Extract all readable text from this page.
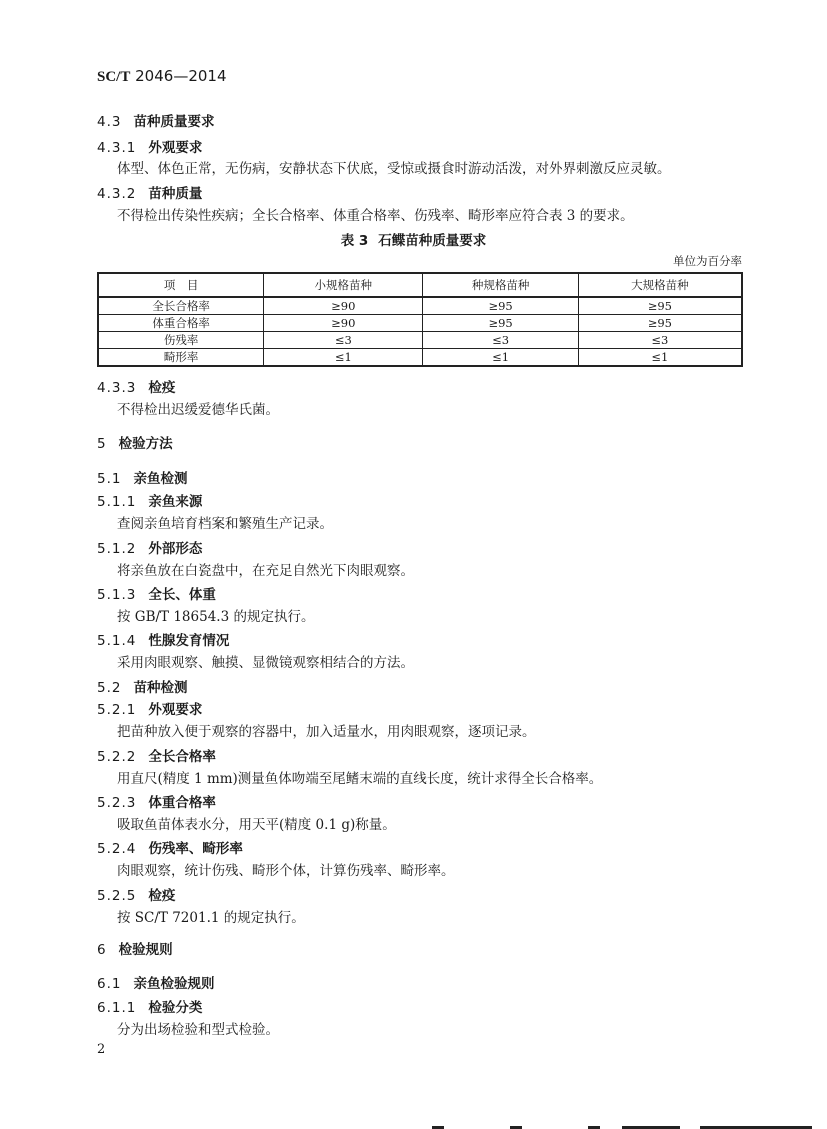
SC/T 2046—2014
4.3 苗种质量要求
4.3.1 外观要求
体型、体色正常，无伤病，安静状态下伏底，受惊或摄食时游动活泼，对外界刺激反应灵敏。
4.3.2 苗种质量
不得检出传染性疾病；全长合格率、体重合格率、伤残率、畸形率应符合表 3 的要求。
表 3 石鲽苗种质量要求
单位为百分率
项　目	小规格苗种	种规格苗种	大规格苗种
全长合格率	≥90	≥95	≥95
体重合格率	≥90	≥95	≥95
伤残率	≤3	≤3	≤3
畸形率	≤1	≤1	≤1
4.3.3 检疫
不得检出迟缓爱德华氏菌。
5 检验方法
5.1 亲鱼检测
5.1.1 亲鱼来源
查阅亲鱼培育档案和繁殖生产记录。
5.1.2 外部形态
将亲鱼放在白瓷盘中，在充足自然光下肉眼观察。
5.1.3 全长、体重
按 GB/T 18654.3 的规定执行。
5.1.4 性腺发育情况
采用肉眼观察、触摸、显微镜观察相结合的方法。
5.2 苗种检测
5.2.1 外观要求
把苗种放入便于观察的容器中，加入适量水，用肉眼观察，逐项记录。
5.2.2 全长合格率
用直尺(精度 1 mm)测量鱼体吻端至尾鳍末端的直线长度，统计求得全长合格率。
5.2.3 体重合格率
吸取鱼苗体表水分，用天平(精度 0.1 g)称量。
5.2.4 伤残率、畸形率
肉眼观察，统计伤残、畸形个体，计算伤残率、畸形率。
5.2.5 检疫
按 SC/T 7201.1 的规定执行。
6 检验规则
6.1 亲鱼检验规则
6.1.1 检验分类
分为出场检验和型式检验。
2
